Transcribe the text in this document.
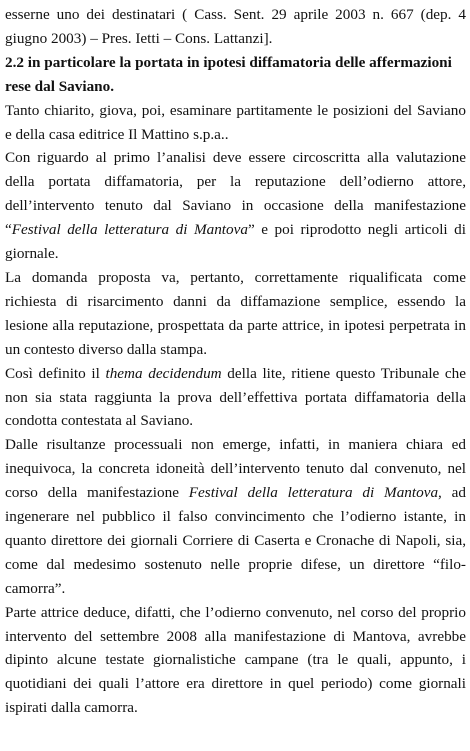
esserne uno dei destinatari ( Cass. Sent. 29 aprile 2003 n. 667 (dep. 4 giugno 2003) – Pres. Ietti – Cons. Lattanzi].

2.2 in particolare la portata in ipotesi diffamatoria delle affermazioni rese dal Saviano.

Tanto chiarito, giova, poi, esaminare partitamente le posizioni del Saviano e della casa editrice Il Mattino s.p.a..

Con riguardo al primo l’analisi deve essere circoscritta alla valutazione della portata diffamatoria, per la reputazione dell’odierno attore, dell’intervento tenuto dal Saviano in occasione della manifestazione “Festival della letteratura di Mantova” e poi riprodotto negli articoli di giornale.

La domanda proposta va, pertanto, correttamente riqualificata come richiesta di risarcimento danni da diffamazione semplice, essendo la lesione alla reputazione, prospettata da parte attrice, in ipotesi perpetrata in un contesto diverso dalla stampa.

Così definito il thema decidendum della lite, ritiene questo Tribunale che non sia stata raggiunta la prova dell’effettiva portata diffamatoria della condotta contestata al Saviano.

Dalle risultanze processuali non emerge, infatti, in maniera chiara ed inequivoca, la concreta idoneità dell’intervento tenuto dal convenuto, nel corso della manifestazione Festival della letteratura di Mantova, ad ingenerare nel pubblico il falso convincimento che l’odierno istante, in quanto direttore dei giornali Corriere di Caserta e Cronache di Napoli, sia, come dal medesimo sostenuto nelle proprie difese, un direttore “filo-camorra”.

Parte attrice deduce, difatti, che l’odierno convenuto, nel corso del proprio intervento del settembre 2008 alla manifestazione di Mantova, avrebbe dipinto alcune testate giornalistiche campane (tra le quali, appunto, i quotidiani dei quali l’attore era direttore in quel periodo) come giornali ispirati dalla camorra.
